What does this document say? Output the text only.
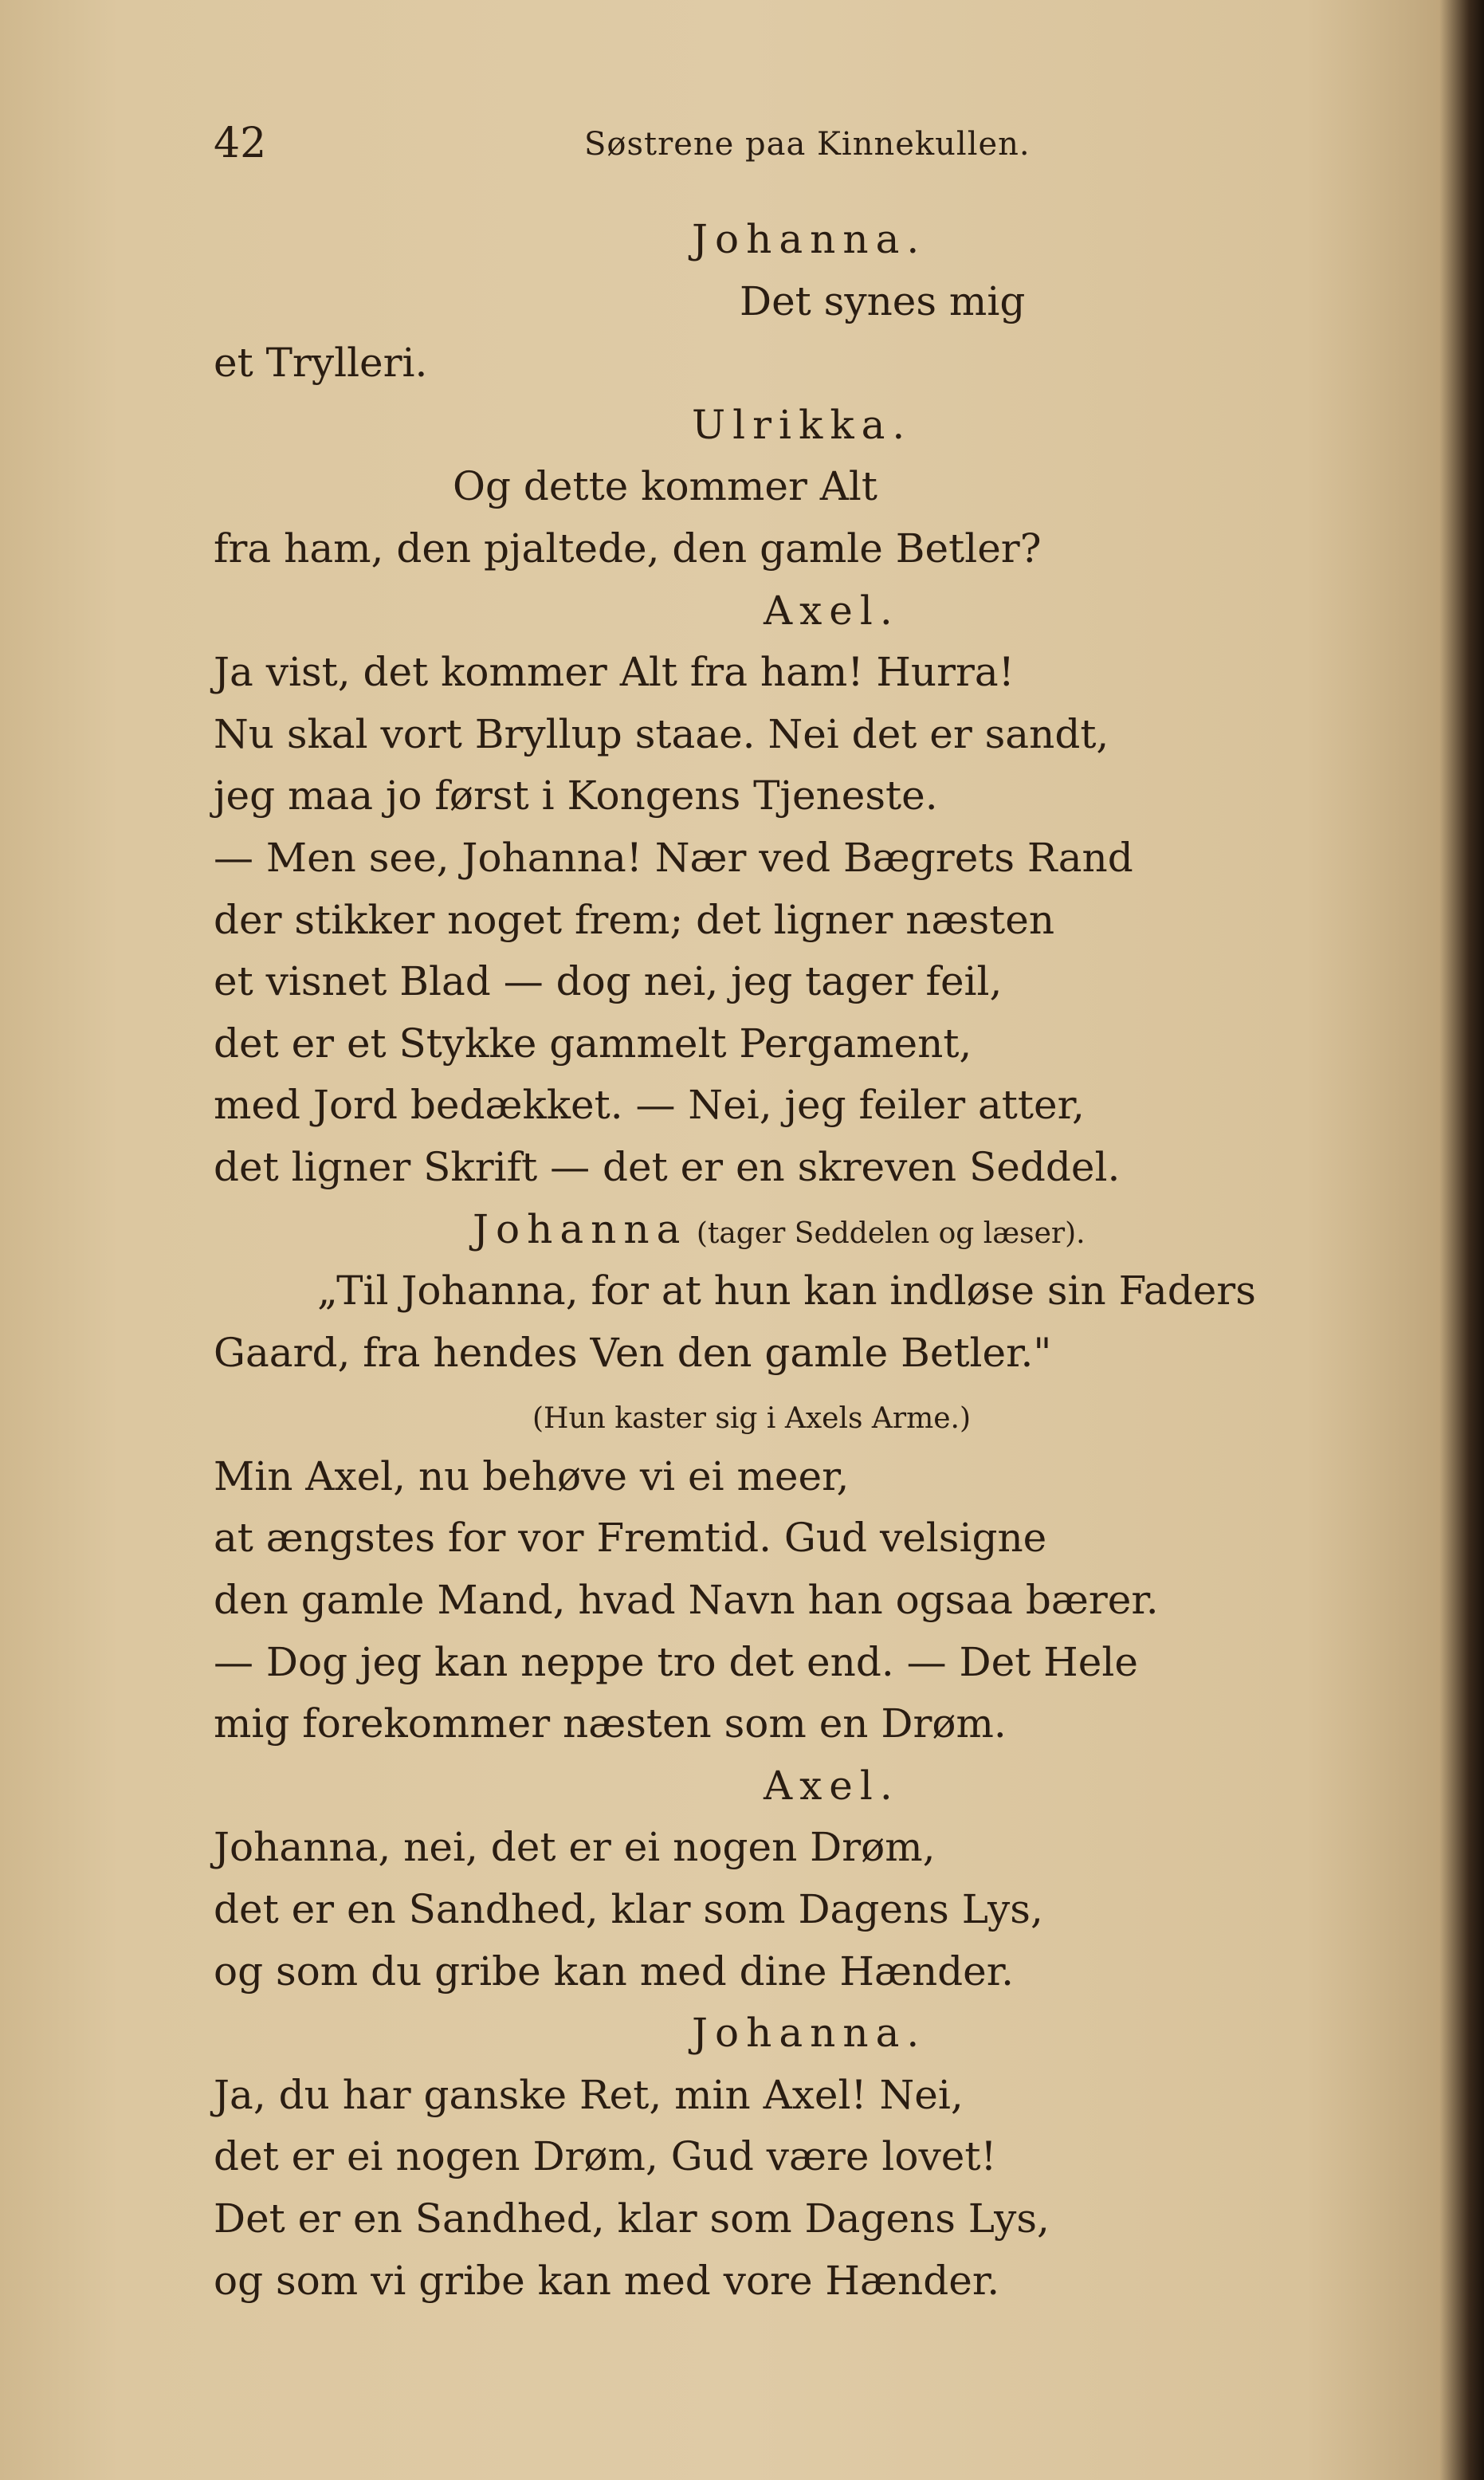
42	Søstrene paa Kinnekullen.
Johanna.
Det synes mig
et Trylleri.
Ulrikka.
Og dette kommer Alt
fra ham, den pjaltede, den gamle Betler?
Axel.
Ja vist, det kommer Alt fra ham! Hurra!
Nu skal vort Bryllup staae. Nei det er sandt,
jeg maa jo først i Kongens Tjeneste.
— Men see, Johanna! Nær ved Bægrets Rand
der stikker noget frem; det ligner næsten
et visnet Blad — dog nei, jeg tager feil,
det er et Stykke gammelt Pergament,
med Jord bedækket. — Nei, jeg feiler atter,
det ligner Skrift — det er en skreven Seddel.
Johanna (tager Seddelen og læser).
„Til Johanna, for at hun kan indløse sin Faders
Gaard, fra hendes Ven den gamle Betler."
(Hun kaster sig i Axels Arme.)
Min Axel, nu behøve vi ei meer,
at ængstes for vor Fremtid. Gud velsigne
den gamle Mand, hvad Navn han ogsaa bærer.
— Dog jeg kan neppe tro det end. — Det Hele
mig forekommer næsten som en Drøm.
Axel.
Johanna, nei, det er ei nogen Drøm,
det er en Sandhed, klar som Dagens Lys,
og som du gribe kan med dine Hænder.
Johanna.
Ja, du har ganske Ret, min Axel! Nei,
det er ei nogen Drøm, Gud være lovet!
Det er en Sandhed, klar som Dagens Lys,
og som vi gribe kan med vore Hænder.
